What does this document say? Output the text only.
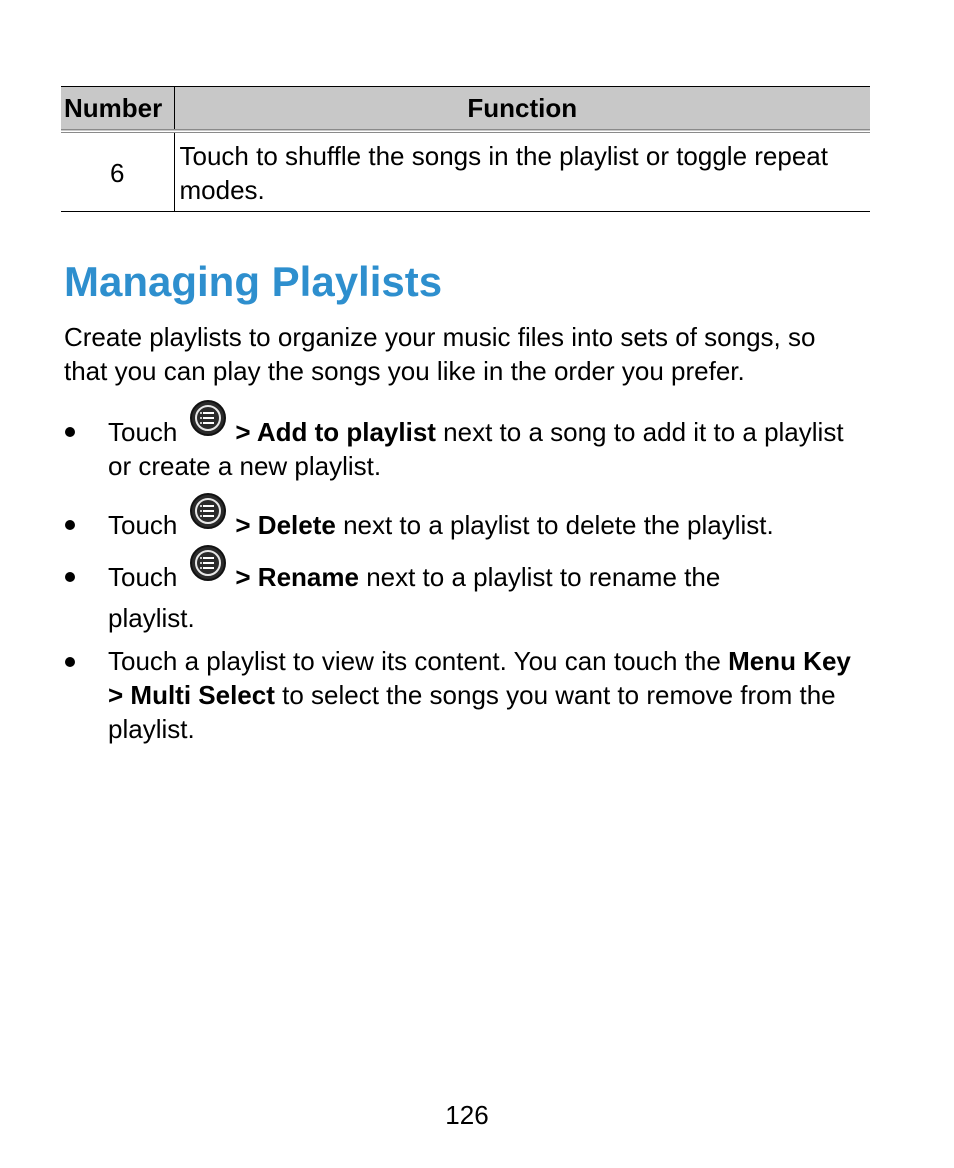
Number	Function
6	Touch to shuffle the songs in the playlist or toggle repeat modes.
Managing Playlists

Create playlists to organize your music files into sets of songs, so that you can play the songs you like in the order you prefer.

Touch > Add to playlist next to a song to add it to a playlist or create a new playlist.
Touch > Delete next to a playlist to delete the playlist.
Touch > Rename next to a playlist to rename the playlist.
Touch a playlist to view its content. You can touch the Menu Key > Multi Select to select the songs you want to remove from the playlist.
126
